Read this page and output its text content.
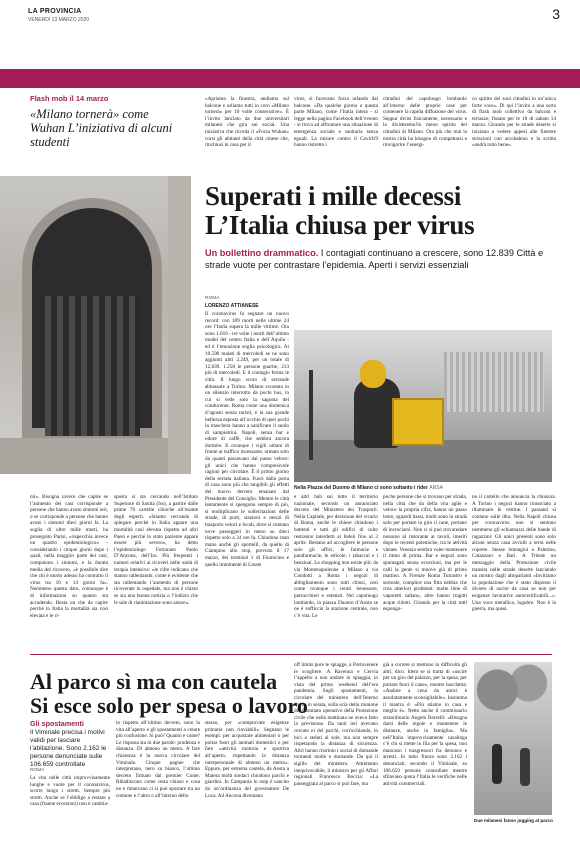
LA PROVINCIA
VENERDÌ 13 MARZO 2020	3
Flash mob il 14 marzo
«Milano tornerà» come Wuhan L’iniziativa di alcuni studenti
«Apriamo la finestra, andiamo sul balcone e urliamo tutti in coro «Milano tornerà» per 10 volte consecutive». È l’invito lanciato da due universitari milanesi che gira sui social. Una iniziativa che ricorda il «Forza Wuhan» corsi gli abitanti della città cinese che, rinchiusi in casa per il
virus, si facevano forza urlando dal balcone. «Da qualche giorno a questa parte Milano, come l’Italia intera - si legge nella pagina Facebook dell’evento - si trova ad affrontare una situazione di emergenza sociale e sanitaria senza eguali. La misure contro il Covid19 hanno ristretto i
cittadini del capoluogo lombardo all’interno delle proprie case per contenere la rapida diffusione del virus. Seppur divisi fisicamente, necessario e lo divideremo!in meno spirito dei cittadini di Milano. Ora più che mai la nostra città ha bisogno di compattarsi e rinvigorire l’energi-
co spirito dei suoi cittadini in un’unica forte voce». Di qui l’invito a una sorta di flash mob collettivo da balconi e terrazze, fissato per le 18 di sabato 14 marzo. Girando per le strade deserte si iniziano a vedere appesi alle finestre striscioni con arcobaleno e la scritta «andrà tutto bene».
Superati i mille decessi
L’Italia chiusa per virus
Un bollettino drammatico. I contagiati continuano a crescere, sono 12.839 Città e strade vuote per contrastare l’epidemia. Aperti i servizi essenziali
ROMA
LORENZO ATTIANESE
Il coronavirus fa segnare un nuovo record: con 189 morti nelle ultime 24 ore l’Italia supera la mille vittime. Ora sono 1.016 - tre volte i morti dell’ultimo model del centro Italia e dell’Aquila - ed è l’emozione soglia psicologica. Ai 10.590 malati di mercoledì se ne sono aggiunti altri 2.249, per un totale di 12.839. 1.258 le persone guarite, 213 più di mercoledì. E il contagio ferma le città. Il lungo scuro di serrande abbassate a Torino. Milano svuotata in un silenzio interrotto da pochi bus, in cui si vede solo la sagoma del conducente. Roma come una domenica d’agosto senza turisti, e la sua grande bellezza esposta all’occhio di quei pochi in maschera hanno a sanificare il suolo di sampietrini. Napoli, senza bar e odore di caffè, che sembra ancora dormire. E ovunque i vigili urbani di fronte ai traffico incessante, armato solo da quanti passavano dal passo veloce: gli unici che hanno compresivole ragioni per circolare. È il primo giorno della serrata italiana. Fuori dalla porta di casa sono più che tangibili gli effetti del nuovo decreto emanato dal Presidente del Consiglio. Mentre le città lentamente si spengono sempre di più, si moltiplicano le sollecitazioni delle strade, di porti, stazioni e mezzi di trasporto veloci e locali, dove si contano nove passeggeri in meno su dieci rispetto solo a 24 ore fa. Chiudono man mano anche gli sportelli, da quello di Ciampino allo stop, previsto il 17 marzo, dei terminal 1 di Fiumicino e quello imminente di Linate
Nella Piazza del Duomo di Milano ci sono soltanto i rider ANSA
e altri hub sui tutto il territorio nazionale, secondo un annunciato decreto del Ministero dei Trasporti. Nella Capitale, per decisione del vicario di Roma, anche le chiese chiudono i battenti e tutti gli edifici di culto restranno interdetti ai fedeli fino al 3 aprile. Restano ad accogliere le persone solo gli uffici, le farmacie e parafarmacie, le edicole, i tabaccai e i benzinai. Lo shopping non esiste più: da via Montenapoleone a Milano a via Condotti a Roma i negozi di abbigliamento sono tutti chiusi, così come ovunque i centri benessere, parrucchieri e estetisti. Nel capoluogo lombardo, in piazza Duomo d’Aosta se ne è sufficcia la stazione centrale, non c’è vita. Le
poche persone che si trovano per strada, nella città che da della vita agile e veloce la propria cifra, hanno un passo lento, sguardi bassi, molti sono in strada solo per portare in giro il cane, portano di incrociarsi. Non ci si può trovaredare nessuno al ristorante ai tavoli, imeriti dopo le recenti polemiche, tra le attività vietate. Venezia sembra voler mantenere il ritmo di prima. Bar e negozi sono spuntagati senza eccezioni, ma per le calli la gente si muove già di primo mattino. A Firenze Roma Tutrastro è surreale, complice una fitta nebbia che crea ulteriori problemi: molte lime di vaporetti saltano, altre hanno tragitti acque ridotti. Girando per la città tutti espongo-
no il cartello che annuncia la chiusura. A Torino i negozi hanno rinunciato a illuminare le vetrine. I passanti si contano sulle dita. Nella Napoli chiusa per coronavirus non si sentono nemmeno gli schiamazzi delle bande di ragazzini: Gli unici presenti sono solo alcuni senza casa avvolti a terra nelle coperte. Stesse immagini a Palermo, Catanzaro e Bari. A Trieste un messaggio della Protezione civile transita nelle strade deserte lanciando un mostro dagli altoparlanti «Invitiamo la popolazione che è stato disposto il divieto di uscire da casa se non per esigenze lavorative autocertificabili...». Una voce metallica, lugubre. Non è la guerra, ma quasi.
mi». Bisogna invece che capire se l’aumento dei casi corrisponde a persone che hanno avuto sintomi ieri, o se corrisponde a persone che hanno avuto i sintomi dieci giorni fa. La soglia di oltre mille morti, ha proseguito Parisi, «rispecchia invece un quadro epidemiologico» - considerando i cinque giorni dopo i quali, nella maggior parte dei casi, compaiono i sintomi, e la durata media del ricovero, «è possibile dire che chi è morto adesso ha contratto il virus tra 10 e 14 giorni fa». Nemmeno questo dato, comunque è di informazioni su quanto sta accadendo. Resta un che da capire perché in Italia la mortalità sia così elevata e le ri-
sposta si sta cercando nell’Istituto Superiore di Sanità (Iss), a partire dalle prime 70 cartelle cliniche all’esame degli esperti. «Stiamo cercando di spiegare perché in Italia appare una mortalità così elevata rispetto ad altri Paesi e perché lo stato paziente appare essere più severo», ha detto l’epidemiologo Fortunato Paolo D’Ancona, dell’Iss. Più frequenti i numeri relativi ai ricoveri nelle unità di terapia intensiva: «le cifre indicano che stanno rallentando, come è evidente che sta rallentando l’aumento di persone ricoverate in ospedale, ma non è chiaro se sia una buona notizia o l’indizio che le sale di rianimazione sono sature».
Al parco sì ma con cautela
Si esce solo per spesa o lavoro
Gli spostamenti
Il Viminale precisa i motivi validi per lasciare l’abitazione. Sono 2.162 le persone denunciate sulle 106.659 controllate
ROMA
La vita nelle città improvvisamente lunghe e vuote per il coronavirus, scorre lungo i stretti. Sempre più stretti. Anche se l’obbligo a restare a casa (franne eccezioni) non è cambia-
to rispetto all’ultimo decreto, sono la vita all’aperto e gli spostamenti a creare più confusione. Si può? Quanto e come? Le risposta sta in due parole: prudenza e distanza. Di almeno un metro. A fare chiarezza è la nuova circolare del Viminale. Cinque pagine che interpretano, nero su bianco, l’ultimo decreto firmato dal premier Conte. Ribadiscono come resta chiuso e cosa no e rimarcano ci sì può spostare tra un comune e l’altro o all’interno dello
stesso, per «comprovate esigenze primarie non rinviabili». Segnano le esempi: per acquistare alimentari o per portar fuori gli animali domestici o per fare «attività motoria e sportiva all’aperto, rispettando la distanza interpersonale di almeno un metro». Eppure, per estrema cautela, da Aosta a Matera molti sindaci chiudono parchi e giardini. In Campania lo stop è sancito da un’ordinanza del governatore De Luca. Ad Ancona diventano
off limits pure le spiagge, a Portovenere le scogliere. A Ravenna e Cervia l’appello a non andare in spiaggia, in vista del primo weekend dell’era pandemia. Sugli spostamenti, la circolare del ministero dell’Interno arriva in serata, sulla scia della riunione del Comitato operativo della Protezione civile che nella mattinata ne aveva fatto la previsione. Da tanti ieri avevano cercato ei dei parchi, corricchiando, in bici o seduti al sole, ma non sempre rispettando la distanza di sicurezza. Altri hanno ristrinto i social di domande tormenti molte e domande. Da qui il sigillo del ministero. Altrettanto inequivocabile, il ministro per gli Affari regionali Francesco Boccia: «La passeggiata al parco si può fare, ma
già a correre si mettono in difficoltà gli altri, dico. Idem se si tratta di «uscire per un giro del palazzo, per la spesa, per portare fuori il cane», mentre bacchetta: «Andare a cena da amici è assolutamente sconsigliabile». Insomma il mantra è: «Più stiamo in casa e meglio è». Netto anche il commissario straordinario Angelo Borrelli: «Bisogna darsi delle regole e mantenere le distanze, anche in famiglia». Ma nell’Italia improvvisamente casalinga c’è chi si mette in fila per la spesa, non mancano i trasgressori fra denunce e arresti. In tutto finora sono 2.162 i denunciati, secondo il Viminale, su 106.659 persone controllate mentre sfilavano quota l’Italia le verifiche nelle attività commerciali.
Due milanesi fanno jogging al parco
